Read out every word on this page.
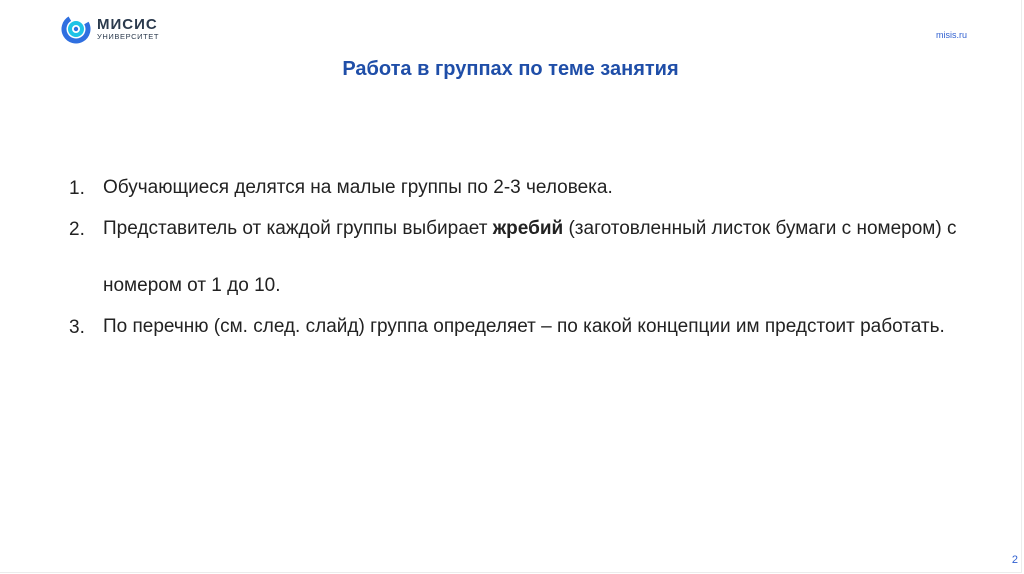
МИСИС
УНИВЕРСИТЕТ	misis.ru
Работа в группах по теме занятия
1. Обучающиеся делятся на малые группы по 2-3 человека.
2. Представитель от каждой группы выбирает жребий (заготовленный листок бумаги с номером) с номером от 1 до 10.
3. По перечню (см. след. слайд) группа определяет – по какой концепции им предстоит работать.
2
